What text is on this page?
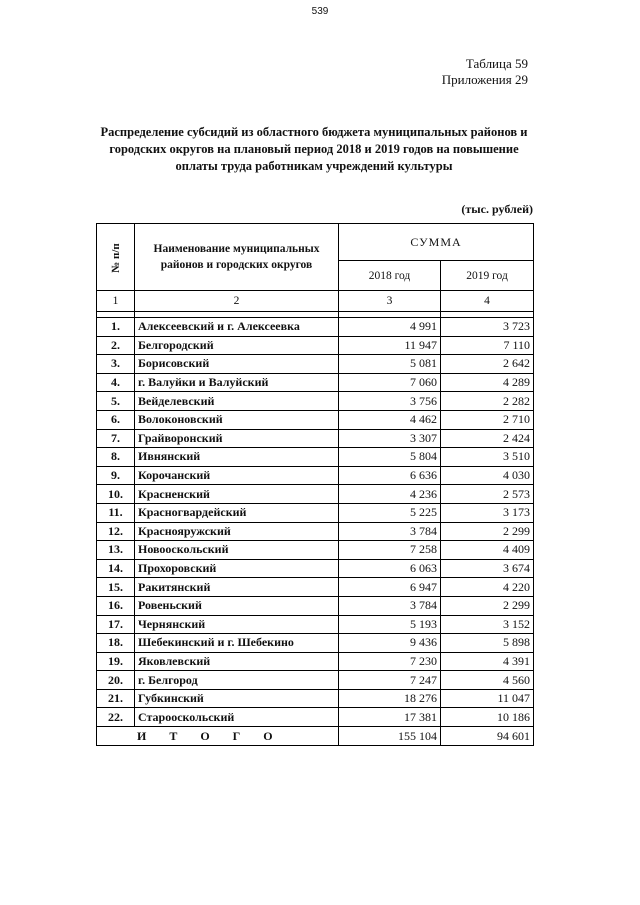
539
Таблица 59
Приложения 29
Распределение субсидий из областного бюджета муниципальных районов и городских округов на плановый период 2018 и 2019 годов на повышение оплаты труда работникам учреждений культуры
(тыс. рублей)
№ п/п	Наименование муниципальных районов и городских округов	СУММА	
		2018 год	2019 год
1	2	3	4

1.	Алексеевский и г. Алексеевка	4 991	3 723
2.	Белгородский	11 947	7 110
3.	Борисовский	5 081	2 642
4.	г. Валуйки и Валуйский	7 060	4 289
5.	Вейделевский	3 756	2 282
6.	Волоконовский	4 462	2 710
7.	Грайворонский	3 307	2 424
8.	Ивнянский	5 804	3 510
9.	Корочанский	6 636	4 030
10.	Красненский	4 236	2 573
11.	Красногвардейский	5 225	3 173
12.	Краснояружский	3 784	2 299
13.	Новооскольский	7 258	4 409
14.	Прохоровский	6 063	3 674
15.	Ракитянский	6 947	4 220
16.	Ровеньский	3 784	2 299
17.	Чернянский	5 193	3 152
18.	Шебекинский и г. Шебекино	9 436	5 898
19.	Яковлевский	7 230	4 391
20.	г. Белгород	7 247	4 560
21.	Губкинский	18 276	11 047
22.	Старооскольский	17 381	10 186
И Т О Г О		155 104	94 601
